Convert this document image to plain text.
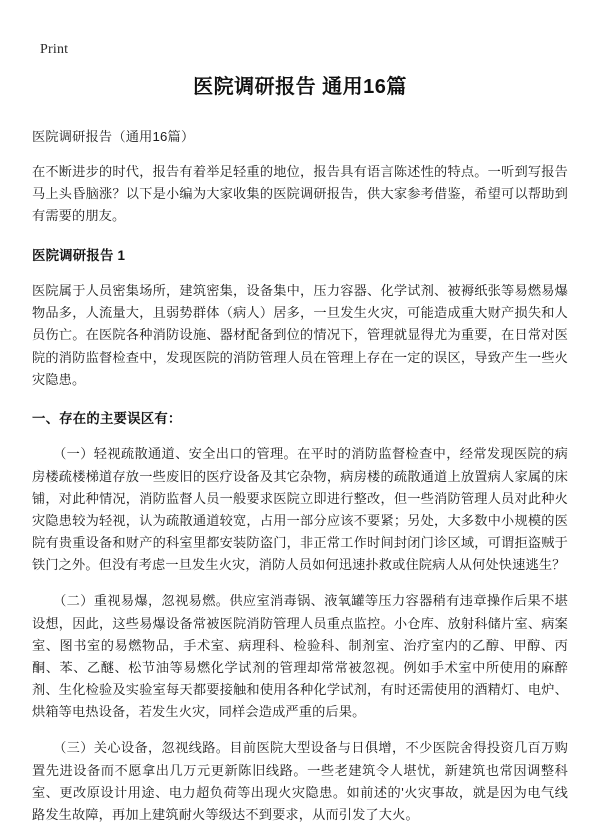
Print
医院调研报告 通用16篇

医院调研报告（通用16篇）

在不断进步的时代，报告有着举足轻重的地位，报告具有语言陈述性的特点。一听到写报告马上头昏脑涨？以下是小编为大家收集的医院调研报告，供大家参考借鉴，希望可以帮助到有需要的朋友。

医院调研报告 1

医院属于人员密集场所，建筑密集，设备集中，压力容器、化学试剂、被褥纸张等易燃易爆物品多，人流量大，且弱势群体（病人）居多，一旦发生火灾，可能造成重大财产损失和人员伤亡。在医院各种消防设施、器材配备到位的情况下，管理就显得尤为重要，在日常对医院的消防监督检查中，发现医院的消防管理人员在管理上存在一定的误区，导致产生一些火灾隐患。

一、存在的主要误区有：

（一）轻视疏散通道、安全出口的管理。在平时的消防监督检查中，经常发现医院的病房楼疏楼梯道存放一些废旧的医疗设备及其它杂物，病房楼的疏散通道上放置病人家属的床铺，对此种情况，消防监督人员一般要求医院立即进行整改，但一些消防管理人员对此种火灾隐患较为轻视，认为疏散通道较宽，占用一部分应该不要紧；另处，大多数中小规模的医院有贵重设备和财产的科室里都安装防盗门，非正常工作时间封闭门诊区域，可谓拒盗贼于铁门之外。但没有考虑一旦发生火灾，消防人员如何迅速扑救或住院病人从何处快速逃生？

（二）重视易爆，忽视易燃。供应室消毒锅、液氧罐等压力容器稍有违章操作后果不堪设想，因此，这些易爆设备常被医院消防管理人员重点监控。小仓库、放射科储片室、病案室、图书室的易燃物品，手术室、病理科、检验科、制剂室、治疗室内的乙醇、甲醇、丙酮、苯、乙醚、松节油等易燃化学试剂的管理却常常被忽视。例如手术室中所使用的麻醉剂、生化检验及实验室每天都要接触和使用各种化学试剂，有时还需使用的酒精灯、电炉、烘箱等电热设备，若发生火灾，同样会造成严重的后果。

（三）关心设备，忽视线路。目前医院大型设备与日俱增，不少医院舍得投资几百万购置先进设备而不愿拿出几万元更新陈旧线路。一些老建筑令人堪忧，新建筑也常因调整科室、更改原设计用途、电力超负荷等出现火灾隐患。如前述的'火灾事故，就是因为电气线路发生故障，再加上建筑耐火等级达不到要求，从而引发了大火。
